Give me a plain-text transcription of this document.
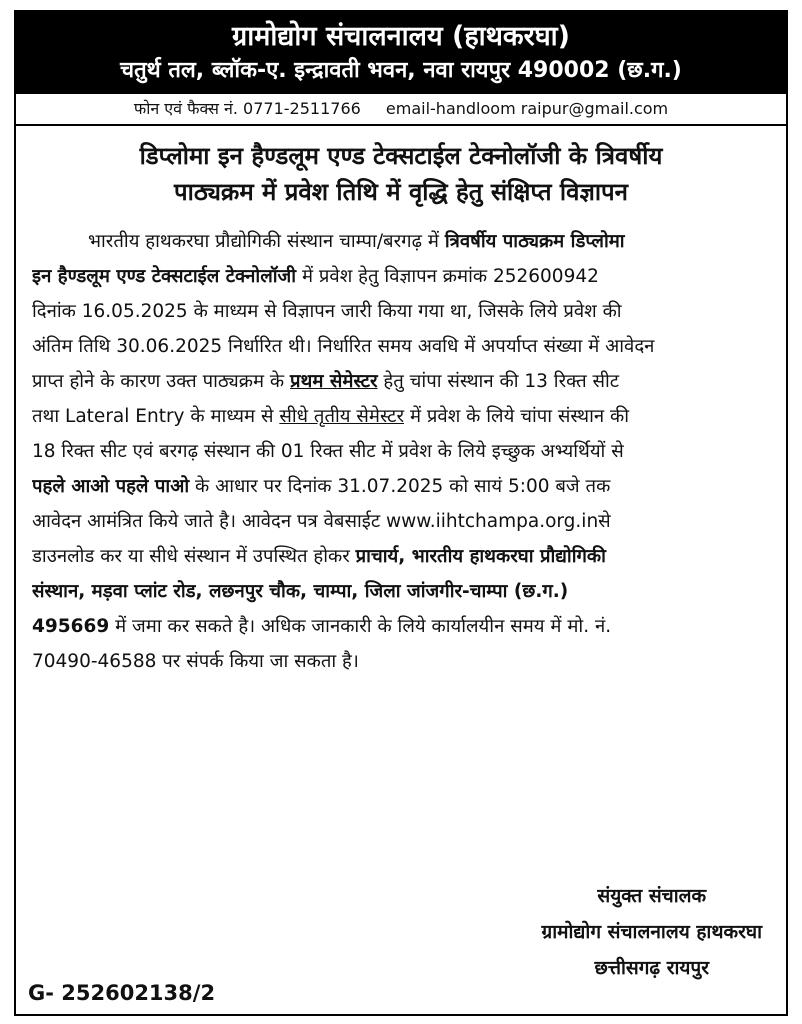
ग्रामोद्योग संचालनालय (हाथकरघा)
चतुर्थ तल, ब्लॉक-ए. इन्द्रावती भवन, नवा रायपुर 490002 (छ.ग.)
फोन एवं फैक्स नं. 0771-2511766 email-handloom raipur@gmail.com
डिप्लोमा इन हैण्डलूम एण्ड टेक्सटाईल टेक्नोलॉजी के त्रिवर्षीय
पाठ्यक्रम में प्रवेश तिथि में वृद्धि हेतु संक्षिप्त विज्ञापन
भारतीय हाथकरघा प्रौद्योगिकी संस्थान चाम्पा/बरगढ़ में त्रिवर्षीय पाठ्यक्रम डिप्लोमा
इन हैण्डलूम एण्ड टेक्सटाईल टेक्नोलॉजी में प्रवेश हेतु विज्ञापन क्रमांक 252600942
दिनांक 16.05.2025 के माध्यम से विज्ञापन जारी किया गया था, जिसके लिये प्रवेश की
अंतिम तिथि 30.06.2025 निर्धारित थी। निर्धारित समय अवधि में अपर्याप्त संख्या में आवेदन
प्राप्त होने के कारण उक्त पाठ्यक्रम के प्रथम सेमेस्टर हेतु चांपा संस्थान की 13 रिक्त सीट
तथा Lateral Entry के माध्यम से सीधे तृतीय सेमेस्टर में प्रवेश के लिये चांपा संस्थान की
18 रिक्त सीट एवं बरगढ़ संस्थान की 01 रिक्त सीट में प्रवेश के लिये इच्छुक अभ्यर्थियों से
पहले आओ पहले पाओ के आधार पर दिनांक 31.07.2025 को सायं 5:00 बजे तक
आवेदन आमंत्रित किये जाते है। आवेदन पत्र वेबसाईट www.iihtchampa.org.inसे
डाउनलोड कर या सीधे संस्थान में उपस्थित होकर प्राचार्य, भारतीय हाथकरघा प्रौद्योगिकी
संस्थान, मड़वा प्लांट रोड, लछनपुर चौक, चाम्पा, जिला जांजगीर-चाम्पा (छ.ग.)
495669 में जमा कर सकते है। अधिक जानकारी के लिये कार्यालयीन समय में मो. नं.
70490-46588 पर संपर्क किया जा सकता है।
संयुक्त संचालक
ग्रामोद्योग संचालनालय हाथकरघा
छत्तीसगढ़ रायपुर
G- 252602138/2
